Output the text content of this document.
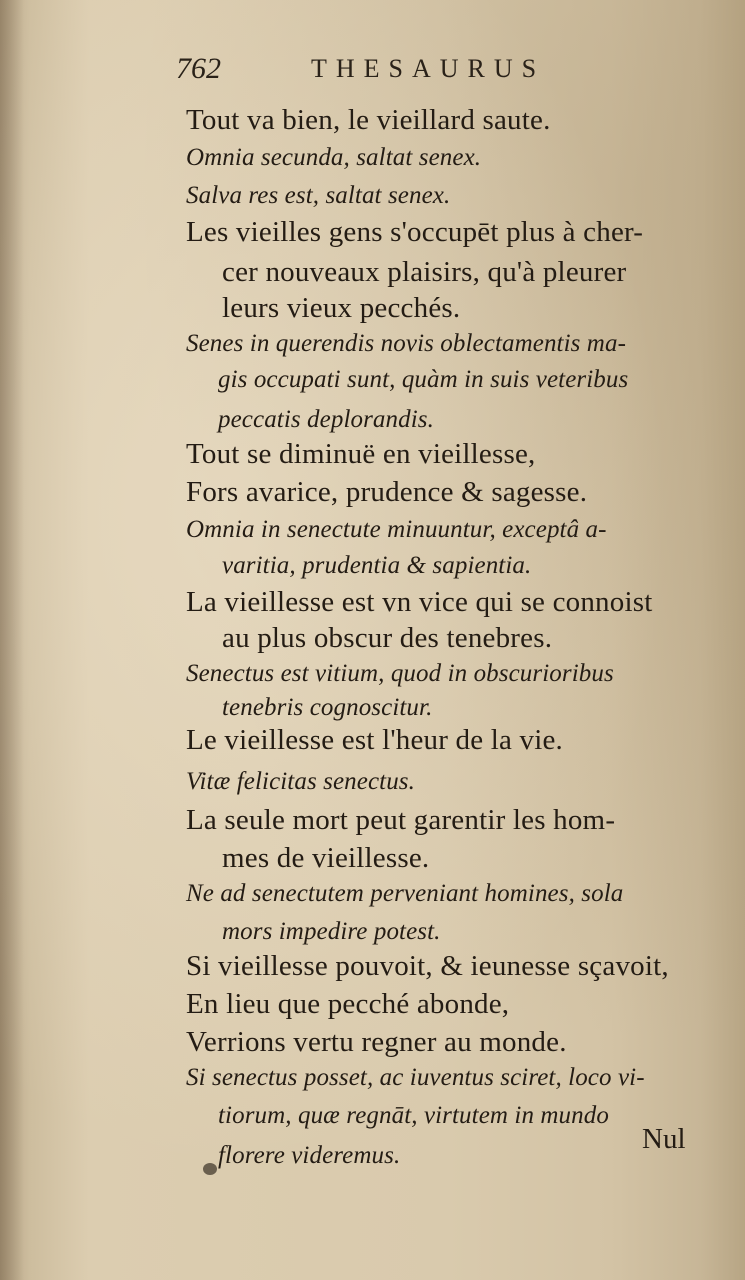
762	THESAURUS
Tout va bien, le vieillard saute.
Omnia secunda, saltat senex.
Salva res est, saltat senex.
Les vieilles gens s'occupēt plus à cher-
cer nouveaux plaisirs, qu'à pleurer
leurs vieux pecchés.
Senes in querendis novis oblectamentis ma-
gis occupati sunt, quàm in suis veteribus
peccatis deplorandis.
Tout se diminuë en vieillesse,
Fors avarice, prudence & sagesse.
Omnia in senectute minuuntur, exceptâ a-
varitia, prudentia & sapientia.
La vieillesse est vn vice qui se connoist
au plus obscur des tenebres.
Senectus est vitium, quod in obscurioribus
tenebris cognoscitur.
Le vieillesse est l'heur de la vie.
Vitæ felicitas senectus.
La seule mort peut garentir les hom-
mes de vieillesse.
Ne ad senectutem perveniant homines, sola
mors impedire potest.
Si vieillesse pouvoit, & ieunesse sçavoit,
En lieu que pecché abonde,
Verrions vertu regner au monde.
Si senectus posset, ac iuventus sciret, loco vi-
tiorum, quæ regnāt, virtutem in mundo
florere videremus.
Nul
